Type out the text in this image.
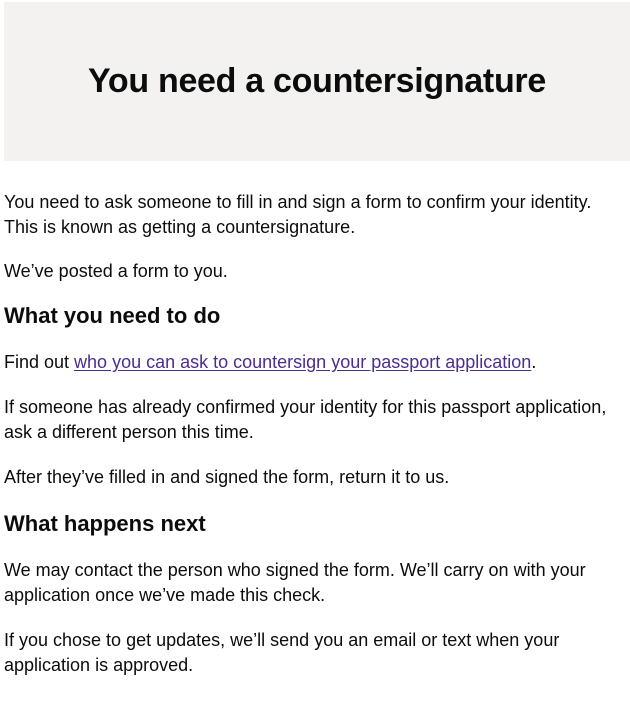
You need a countersignature

You need to ask someone to fill in and sign a form to confirm your identity. This is known as getting a countersignature.

We’ve posted a form to you.

What you need to do

Find out who you can ask to countersign your passport application.

If someone has already confirmed your identity for this passport application, ask a different person this time.

After they’ve filled in and signed the form, return it to us.

What happens next

We may contact the person who signed the form. We’ll carry on with your application once we’ve made this check.

If you chose to get updates, we’ll send you an email or text when your application is approved.
